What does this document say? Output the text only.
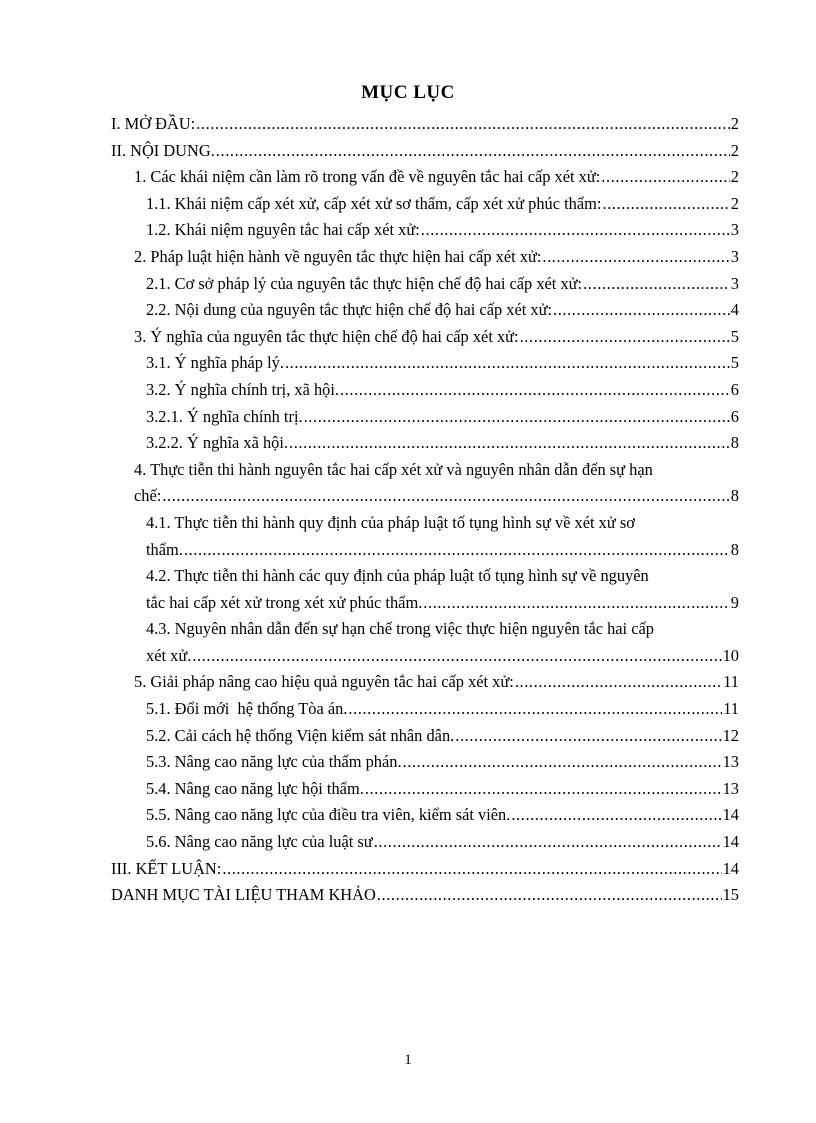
MỤC LỤC
I. MỞ ĐẦU: .....	2
II. NỘI DUNG. .....	2
1. Các khái niệm cần làm rõ trong vấn đề về nguyên tắc hai cấp xét xử: .....	2
1.1. Khái niệm cấp xét xử, cấp xét xử sơ thẩm, cấp xét xử phúc thẩm: .....	2
1.2. Khái niệm nguyên tắc hai cấp xét xử: .....	3
2. Pháp luật hiện hành về nguyên tắc thực hiện hai cấp xét xử: .....	3
2.1. Cơ sở pháp lý của nguyên tắc thực hiện chế độ hai cấp xét xử: .....	3
2.2. Nội dung của nguyên tắc thực hiện chế độ hai cấp xét xử: .....	4
3. Ý nghĩa của nguyên tắc thực hiện chế độ hai cấp xét xử: .....	5
3.1. Ý nghĩa pháp lý. .....	5
3.2. Ý nghĩa chính trị, xã hội. .....	6
3.2.1. Ý nghĩa chính trị. .....	6
3.2.2. Ý nghĩa xã hội. .....	8
4. Thực tiễn thi hành nguyên tắc hai cấp xét xử và nguyên nhân dẫn đến sự hạn
chế: .....	8
4.1. Thực tiễn thi hành quy định của pháp luật tố tụng hình sự về xét xử sơ
thẩm. .....	8
4.2. Thực tiễn thi hành các quy định của pháp luật tố tụng hình sự về nguyên
tắc hai cấp xét xử trong xét xử phúc thẩm. .....	9
4.3. Nguyên nhân dẫn đến sự hạn chế trong việc thực hiện nguyên tắc hai cấp
xét xử. .....	10
5. Giải pháp nâng cao hiệu quả nguyên tắc hai cấp xét xử: .....	11
5.1. Đổi mới  hệ thống Tòa án. .....	11
5.2. Cải cách hệ thống Viện kiểm sát nhân dân. .....	12
5.3. Nâng cao năng lực của thẩm phán. .....	13
5.4. Nâng cao năng lực hội thẩm. .....	13
5.5. Nâng cao năng lực của điều tra viên, kiểm sát viên. .....	14
5.6. Nâng cao năng lực của luật sư .....	14
III. KẾT LUẬN: .....	14
DANH MỤC TÀI LIỆU THAM KHẢO .....	15
1
